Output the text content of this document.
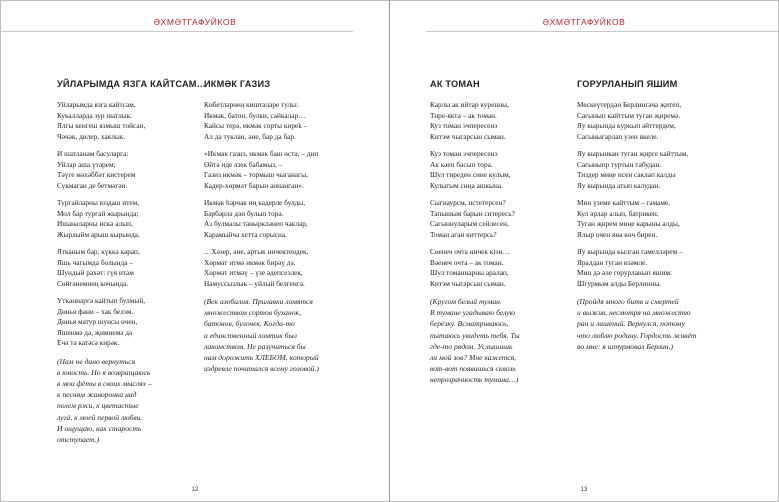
ӘХМӘТГАФУЙКОВ
УЙЛАРЫМДА ЯЗГА КАЙТСАМ…
Уйларымда язга кайтсам,
Кукалларда зур шатлык.
Ялгы кенгеш язмыш тойсан,
Чәчәк, дилер, хаклык.
И шатланам басуларга:
Уйлар аша үтәрем;
Тәүге мәхәббәт кистерем
Сукмаган де бетмәгән.
Тургайларны юздаш итем,
Мол бар тургай жырында;
Ишаналарны искә алып,
Жырлыйм арыш кырында.
Ятканым бар, күккә карап,
Яшь чагымда болында –
Шундый рәхәт: гүя итам
Сөйгәнемнең кочында.
Үткәннәргә кайтып булмый,
Дөнья фани – хак белэм.
Дөнья матур шунсы өчен,
Яшенмә дә, җимнемә дә
Ечә тә катәсә кирәк.
(Нам не дано вернуться
в юность. Но я возвращаюсь
в мои фёты в своих мыслях –
к песням жаворонка над
полем ржи, к цветастые
лугá, к моей первой любви.
И ощущаю, как старость
отступает.)
ИКМӘК ГАЗИЗ
Кибетләрнең киштәләре тулы:
Икмәк, батон, булки, сайкалар…
Кайсы терә, икмәк сорты киреk –
Ал да туклан, әне, бар да бар.
«Икмәк газиз, икмәк баш өстә, – дип
Өйтә иде әзек бабамыз, –
Газиз икмәк – тормыш чыганагы,
Кадер-хөрмәт барын аннанган».
Икмәк һәрчак иң кадерле булды,
Бәрбәрлә дән булып торә.
Аз булмалы таныркләнеп чаклар,
Карамыйча хетта сорысна.
…Хәзер, әне, артык ничектендек,
Хөрмәт итмә икмәк бирәү дә.
Хөрмәт итмәү – үзе әдепсезлек,
Намуссызлык – уйлый белгенгә.
(Век изобилия. Прилавки ломятся
множеством сортов буханок,
батонов, булочек. Когда-то
и единственный ломтик был
лакомством. Не разучиться бы
нам дорожить ХЛЕБОМ, который
издревле почитался всему головой.)
12
ӘХМӘТГАФУЙКОВ
АК ТОМАН
Карлы ак ийтар куренны,
Тире-якта – ак томан.
Куз томан эчпересенэ
Китэм чыгарсын сыман.
Куэ томан эчпересенэ
Ак кәеп басып тора.
Шул тиреден синe кулым,
Кулыгым сиңа ашкына.
Сыгнаурсм, истетерсен?
Тапышым барын ситересь?
Сагыннуларым сейлесен,
Томан аган киттерсь?
Сөенеч очта ничек кiэн…
Вәенеч очта – ак томан.
Шул томаннарны аралап,
Китэм чыгарсын сыман.
(Кругом белый туман.
В тумане угадываю белую
берёзку. Всматриваюсь,
пытаюсь увидеть тебя. Ты
где-то рядом. Услышишь
ли мой зов? Мне кажется,
вот-вот появишься сквозь
непрозрачность тумана…)
ГОРУРЛАНЫП ЯШИМ
Мескеүтердән Берлингача җитеп,
Сагынып кайттым туган җиремә.
Яу кырында куркып әйттердем,
Сагыныгарлап узен вкеле.
Яу кырынкан туган җирге кайттым,
Сагыныпр туртын табудан.
Тиздер миңе исен саклап калды
Яу кырында атып калудан.
Мин үземе кайттым – гамаме,
Кул әрлар алып, батрикен.
Туган җирем миңе карыны алды,
Ялыр очен яна көч бирен.
Яу кырында кылган гамелләрем –
Яралдан туган изәмле.
Мин дә әле горурланып яшим:
Шгурмым алды Берлинны.
(Пройдя много битв и смертей
и выжив, несмотря на множество
ран и лишений. Вернулся, потому
что люблю родину. Гордость живёт
во мне: я штурмовал Берлин.)
13
